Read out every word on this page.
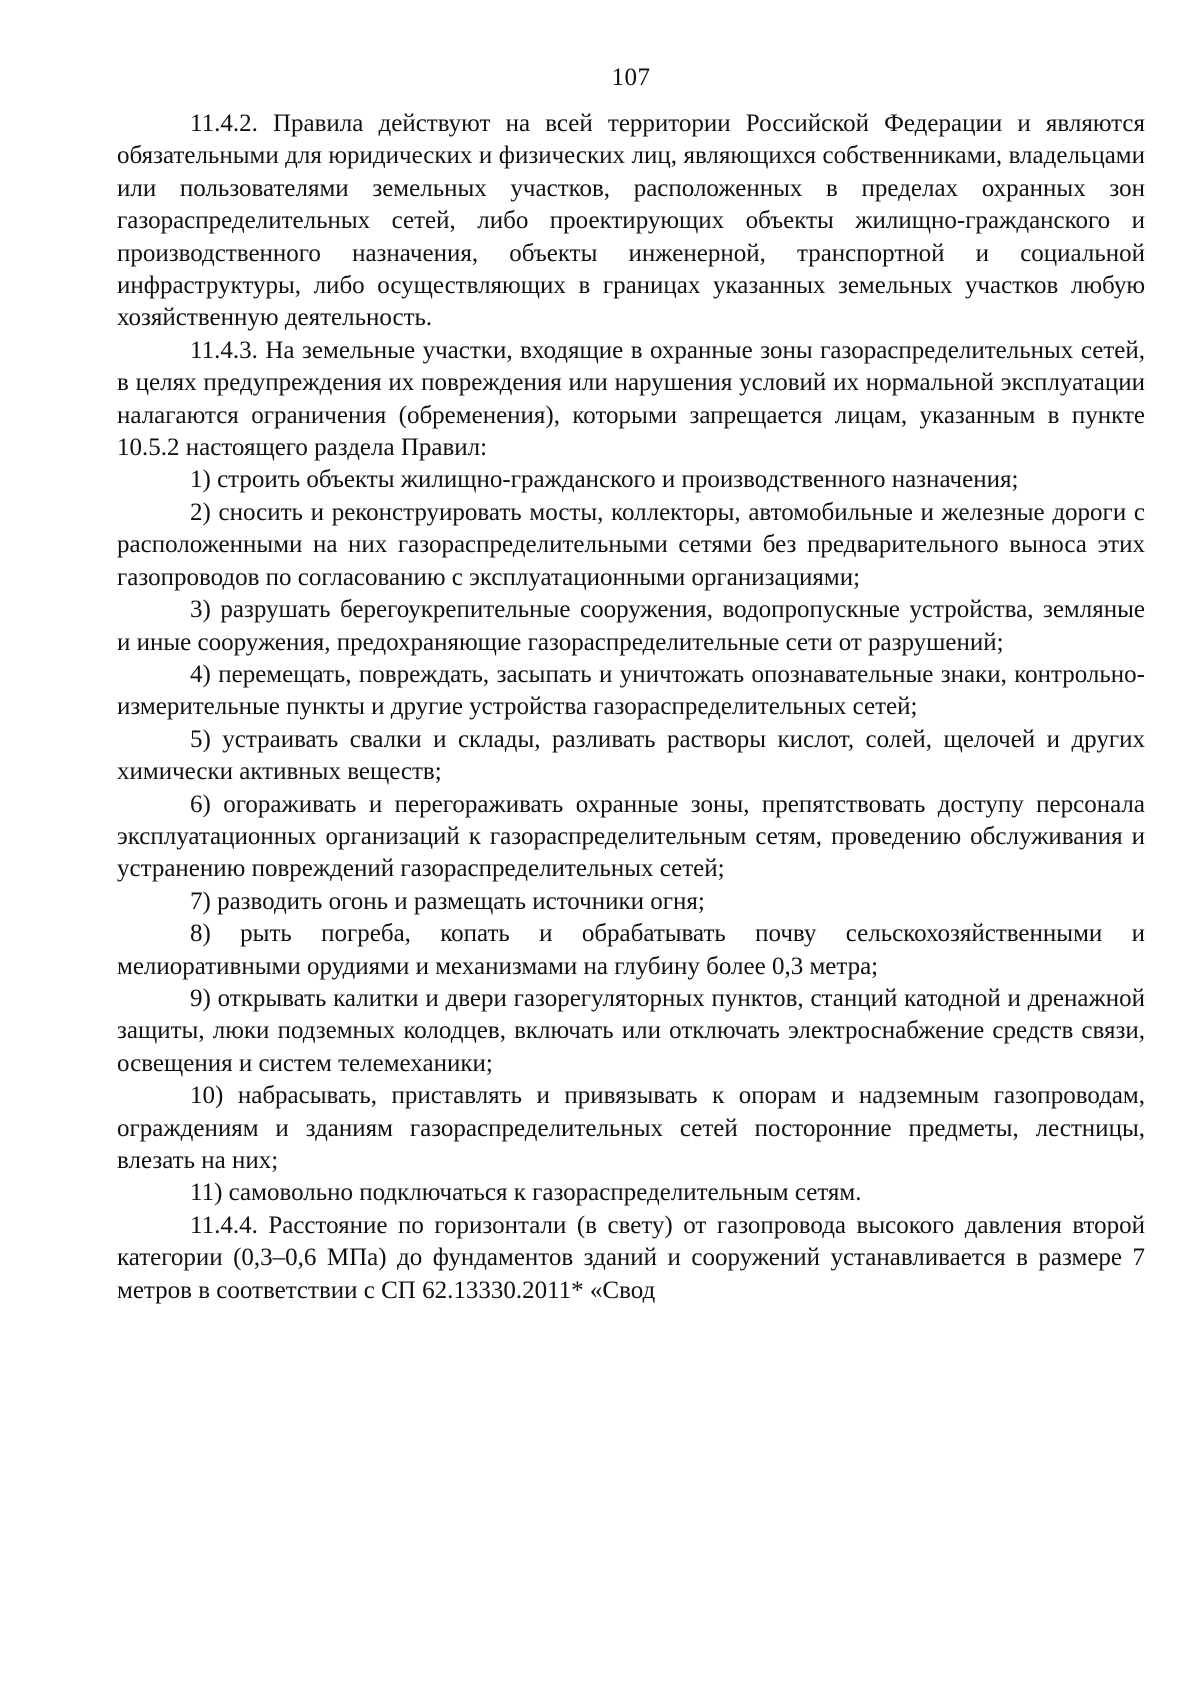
107

11.4.2. Правила действуют на всей территории Российской Федерации и являются обязательными для юридических и физических лиц, являющихся собственниками, владельцами или пользователями земельных участков, расположенных в пределах охранных зон газораспределительных сетей, либо проектирующих объекты жилищно-гражданского и производственного назначения, объекты инженерной, транспортной и социальной инфраструктуры, либо осуществляющих в границах указанных земельных участков любую хозяйственную деятельность.

11.4.3. На земельные участки, входящие в охранные зоны газораспределительных сетей, в целях предупреждения их повреждения или нарушения условий их нормальной эксплуатации налагаются ограничения (обременения), которыми запрещается лицам, указанным в пункте 10.5.2 настоящего раздела Правил:

1) строить объекты жилищно-гражданского и производственного назначения;

2) сносить и реконструировать мосты, коллекторы, автомобильные и железные дороги с расположенными на них газораспределительными сетями без предварительного выноса этих газопроводов по согласованию с эксплуатационными организациями;

3) разрушать берегоукрепительные сооружения, водопропускные устройства, земляные и иные сооружения, предохраняющие газораспределительные сети от разрушений;

4) перемещать, повреждать, засыпать и уничтожать опознавательные знаки, контрольно-измерительные пункты и другие устройства газораспределительных сетей;

5) устраивать свалки и склады, разливать растворы кислот, солей, щелочей и других химически активных веществ;

6) огораживать и перегораживать охранные зоны, препятствовать доступу персонала эксплуатационных организаций к газораспределительным сетям, проведению обслуживания и устранению повреждений газораспределительных сетей;

7) разводить огонь и размещать источники огня;

8) рыть погреба, копать и обрабатывать почву сельскохозяйственными и мелиоративными орудиями и механизмами на глубину более 0,3 метра;

9) открывать калитки и двери газорегуляторных пунктов, станций катодной и дренажной защиты, люки подземных колодцев, включать или отключать электроснабжение средств связи, освещения и систем телемеханики;

10) набрасывать, приставлять и привязывать к опорам и надземным газопроводам, ограждениям и зданиям газораспределительных сетей посторонние предметы, лестницы, влезать на них;

11) самовольно подключаться к газораспределительным сетям.

11.4.4. Расстояние по горизонтали (в свету) от газопровода высокого давления второй категории (0,3–0,6 МПа) до фундаментов зданий и сооружений устанавливается в размере 7 метров в соответствии с СП 62.13330.2011* «Свод
